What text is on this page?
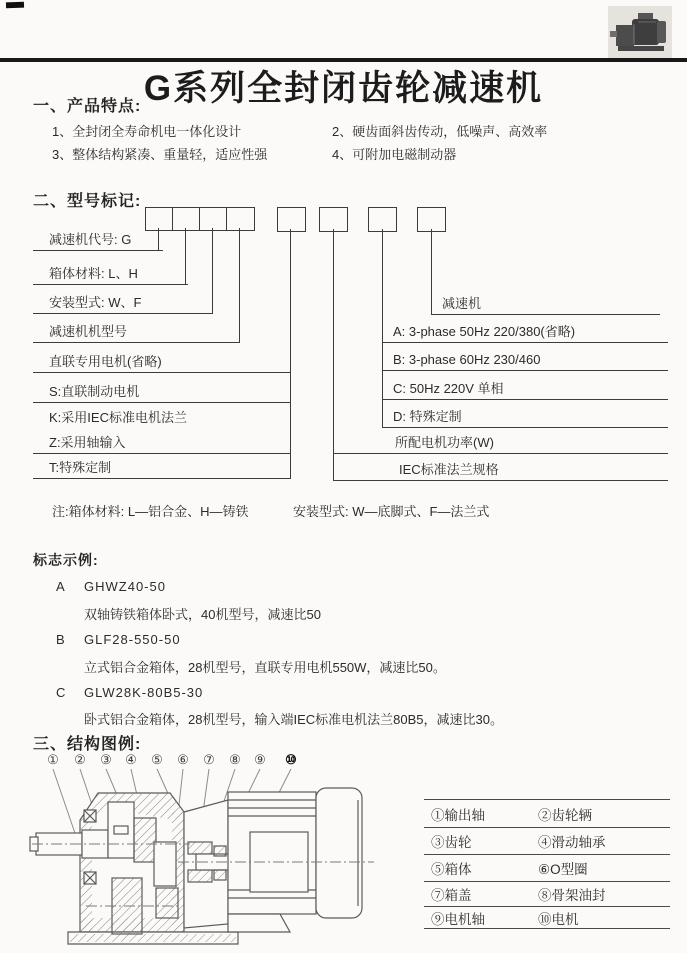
G系列全封闭齿轮减速机
一、产品特点:
1、全封闭全寿命机电一体化设计	2、硬齿面斜齿传动，低噪声、高效率
3、整体结构紧凑、重量轻，适应性强	4、可附加电磁制动器
二、型号标记:
减速机代号: G
箱体材料: L、H
安装型式: W、F
减速机机型号
直联专用电机(省略)
S:直联制动电机
K:采用IEC标准电机法兰
Z:采用轴输入
T:特殊定制
减速机
A: 3-phase 50Hz 220/380(省略)
B: 3-phase 60Hz 230/460
C: 50Hz 220V 单相
D: 特殊定制
所配电机功率(W)
IEC标准法兰规格
注:箱体材料: L—铝合金、H—铸铁	安装型式: W—底脚式、F—法兰式
标志示例:
A GHWZ40-50
双轴铸铁箱体卧式，40机型号，减速比50
B GLF28-550-50
立式铝合金箱体，28机型号，直联专用电机550W，减速比50。
C GLW28K-80B5-30
卧式铝合金箱体，28机型号，输入端IEC标准电机法兰80B5，减速比30。
三、结构图例:
① ② ③ ④ ⑤ ⑥ ⑦ ⑧ ⑨ ⑩
①输出轴	②齿轮辆
③齿轮	④滑动轴承
⑤箱体	⑥O型圈
⑦箱盖	⑧骨架油封
⑨电机轴	⑩电机
